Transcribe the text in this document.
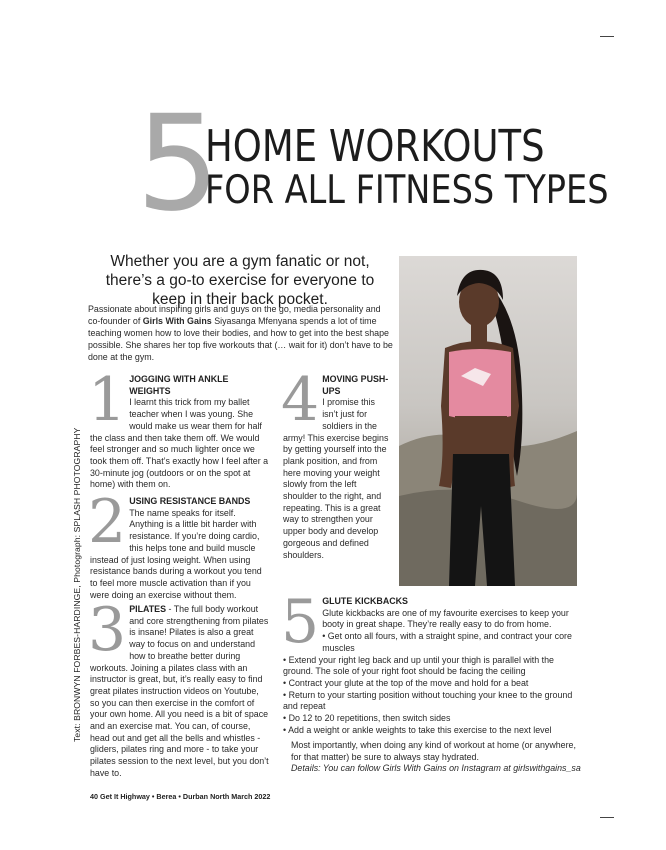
Text: BRONWYN FORBES-HARDINGE, Photograph: SPLASH PHOTOGRAPHY
5
HOME WORKOUTS
FOR ALL FITNESS TYPES
Whether you are a gym fanatic or not, there’s a go-to exercise for everyone to keep in their back pocket.
Passionate about inspiring girls and guys on the go, media personality and co-founder of Girls With Gains Siyasanga Mfenyana spends a lot of time teaching women how to love their bodies, and how to get into the best shape possible. She shares her top five workouts that (… wait for it) don’t have to be done at the gym.
1 JOGGING WITH ANKLE WEIGHTS
I learnt this trick from my ballet teacher when I was young. She would make us wear them for half the class and then take them off. We would feel stronger and so much lighter once we took them off. That’s exactly how I feel after a 30-minute jog (outdoors or on the spot at home) with them on.
2 USING RESISTANCE BANDS
The name speaks for itself. Anything is a little bit harder with resistance. If you’re doing cardio, this helps tone and build muscle instead of just losing weight. When using resistance bands during a workout you tend to feel more muscle activation than if you were doing an exercise without them.
3 PILATES - The full body workout and core strengthening from pilates is insane! Pilates is also a great way to focus on and understand how to breathe better during workouts. Joining a pilates class with an instructor is great, but, it’s really easy to find great pilates instruction videos on Youtube, so you can then exercise in the comfort of your own home. All you need is a bit of space and an exercise mat. You can, of course, head out and get all the bells and whistles - gliders, pilates ring and more - to take your pilates session to the next level, but you don’t have to.
4 MOVING PUSH-UPS
I promise this isn’t just for soldiers in the army! This exercise begins by getting yourself into the plank position, and from here moving your weight slowly from the left shoulder to the right, and repeating. This is a great way to strengthen your upper body and develop gorgeous and defined shoulders.
5 GLUTE KICKBACKS
Glute kickbacks are one of my favourite exercises to keep your booty in great shape. They’re really easy to do from home.
• Get onto all fours, with a straight spine, and contract your core muscles
• Extend your right leg back and up until your thigh is parallel with the ground. The sole of your right foot should be facing the ceiling
• Contract your glute at the top of the move and hold for a beat
• Return to your starting position without touching your knee to the ground and repeat
• Do 12 to 20 repetitions, then switch sides
• Add a weight or ankle weights to take this exercise to the next level
Most importantly, when doing any kind of workout at home (or anywhere, for that matter) be sure to always stay hydrated.
Details: You can follow Girls With Gains on Instagram at girlswithgains_sa
40 Get It Highway • Berea • Durban North March 2022
